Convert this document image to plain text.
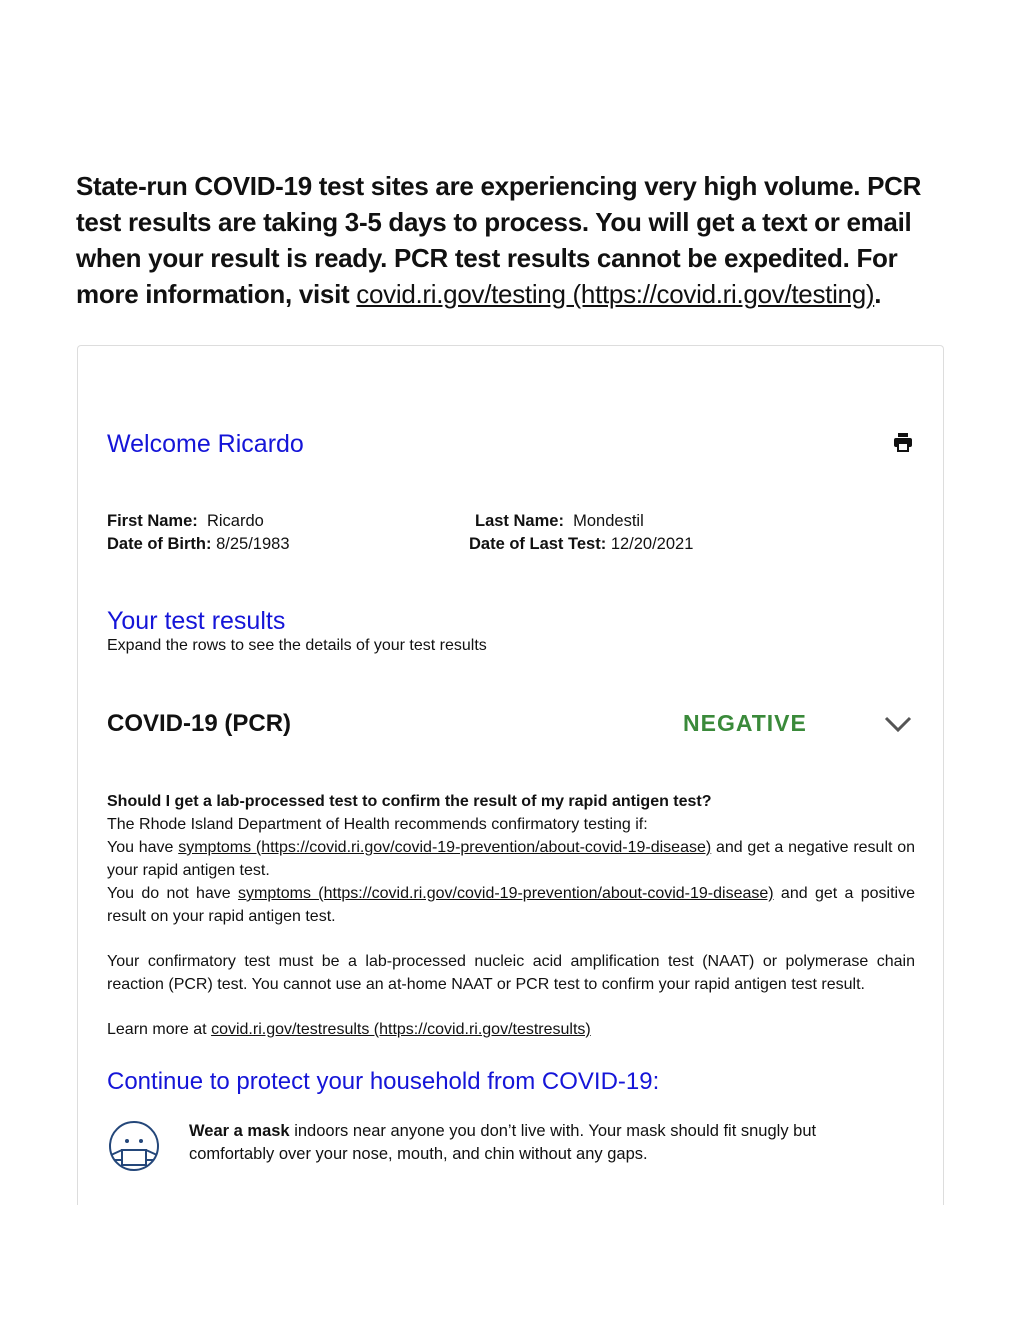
State-run COVID-19 test sites are experiencing very high volume. PCR test results are taking 3-5 days to process. You will get a text or email when your result is ready. PCR test results cannot be expedited. For more information, visit covid.ri.gov/testing (https://covid.ri.gov/testing).
Welcome Ricardo
First Name: Ricardo
Date of Birth: 8/25/1983
Last Name: Mondestil
Date of Last Test: 12/20/2021
Your test results
Expand the rows to see the details of your test results
COVID-19 (PCR)	NEGATIVE

Should I get a lab-processed test to confirm the result of my rapid antigen test?

The Rhode Island Department of Health recommends confirmatory testing if:

You have symptoms (https://covid.ri.gov/covid-19-prevention/about-covid-19-disease) and get a negative result on your rapid antigen test.

You do not have symptoms (https://covid.ri.gov/covid-19-prevention/about-covid-19-disease) and get a positive result on your rapid antigen test.

Your confirmatory test must be a lab-processed nucleic acid amplification test (NAAT) or polymerase chain reaction (PCR) test. You cannot use an at-home NAAT or PCR test to confirm your rapid antigen test result.

Learn more at covid.ri.gov/testresults (https://covid.ri.gov/testresults)

Continue to protect your household from COVID-19:
Wear a mask indoors near anyone you don’t live with. Your mask should fit snugly but comfortably over your nose, mouth, and chin without any gaps.
